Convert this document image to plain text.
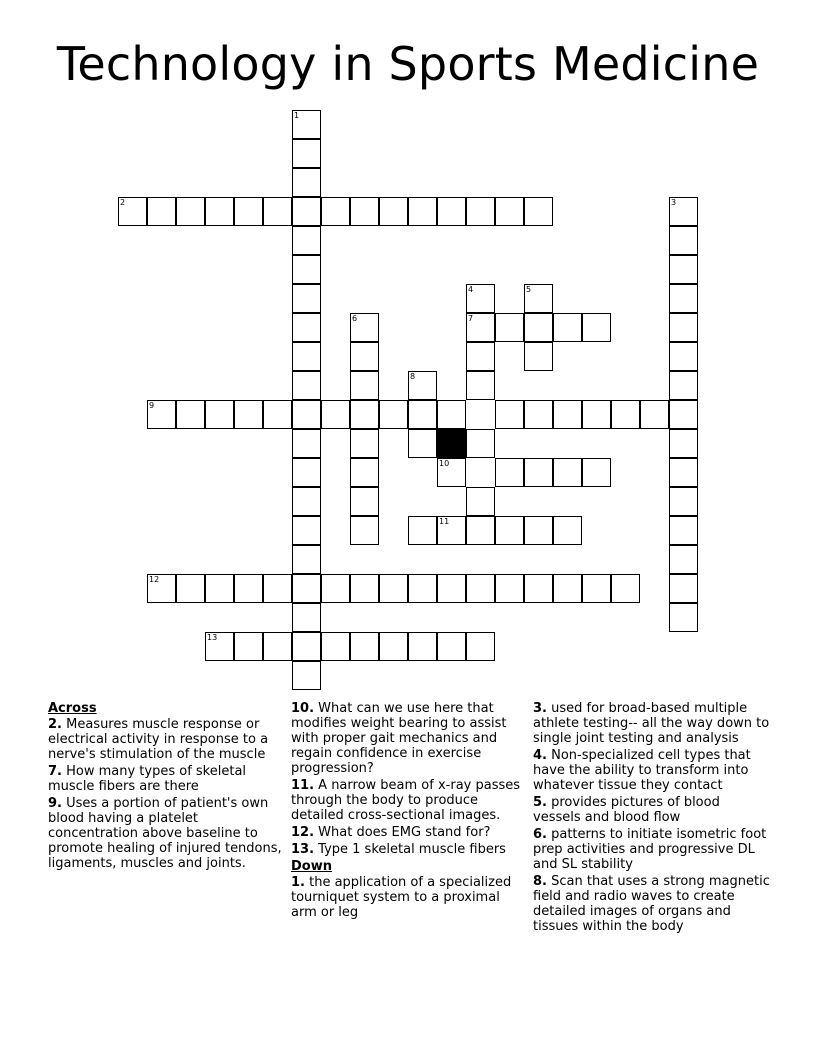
Technology in Sports Medicine
1
2	3
4	5
6	7
8
9
10
11
12
13
Across
2. Measures muscle response or electrical activity in response to a nerve's stimulation of the muscle
7. How many types of skeletal muscle fibers are there
9. Uses a portion of patient's own blood having a platelet concentration above baseline to promote healing of injured tendons, ligaments, muscles and joints.
10. What can we use here that modifies weight bearing to assist with proper gait mechanics and regain confidence in exercise progression?
11. A narrow beam of x-ray passes through the body to produce detailed cross-sectional images.
12. What does EMG stand for?
13. Type 1 skeletal muscle fibers
Down
1. the application of a specialized tourniquet system to a proximal arm or leg
3. used for broad-based multiple athlete testing-- all the way down to single joint testing and analysis
4. Non-specialized cell types that have the ability to transform into whatever tissue they contact
5. provides pictures of blood vessels and blood flow
6. patterns to initiate isometric foot prep activities and progressive DL and SL stability
8. Scan that uses a strong magnetic field and radio waves to create detailed images of organs and tissues within the body
